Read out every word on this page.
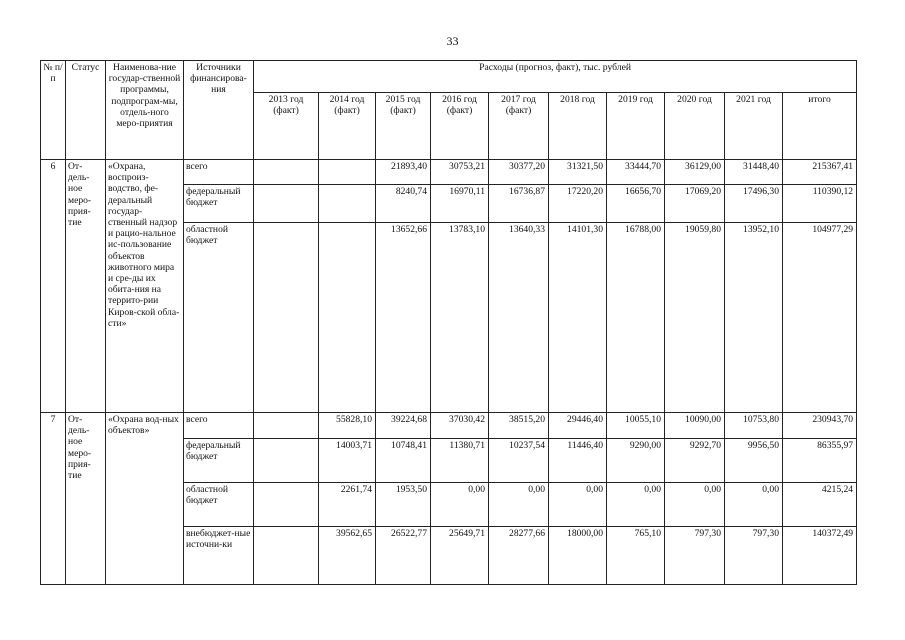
33
№ п/п	Статус	Наименова-ние государ-ственной программы, подпрограм-мы, отдель-ного меро-приятия	Источники финансирова-ния	Расходы (прогноз, факт), тыс. рублей									
				2013 год (факт)	2014 год (факт)	2015 год (факт)	2016 год (факт)	2017 год (факт)	2018 год	2019 год	2020 год	2021 год	итого
6	От-дель-ное меро-прия-тие	«Охрана, воспроиз-водство, фе-деральный государ-ственный надзор и рацио-нальное ис-пользование объектов животного мира и сре-ды их обита-ния на террито-рии Киров-ской обла-сти»	всего			21893,40	30753,21	30377,20	31321,50	33444,70	36129,00	31448,40	215367,41
			федеральный бюджет			8240,74	16970,11	16736,87	17220,20	16656,70	17069,20	17496,30	110390,12
			областной бюджет			13652,66	13783,10	13640,33	14101,30	16788,00	19059,80	13952,10	104977,29
7	От-дель-ное меро-прия-тие	«Охрана вод-ных объектов»	всего		55828,10	39224,68	37030,42	38515,20	29446,40	10055,10	10090,00	10753,80	230943,70
			федеральный бюджет		14003,71	10748,41	11380,71	10237,54	11446,40	9290,00	9292,70	9956,50	86355,97
			областной бюджет		2261,74	1953,50	0,00	0,00	0,00	0,00	0,00	0,00	4215,24
			внебюджет-ные источни-ки		39562,65	26522,77	25649,71	28277,66	18000,00	765,10	797,30	797,30	140372,49
